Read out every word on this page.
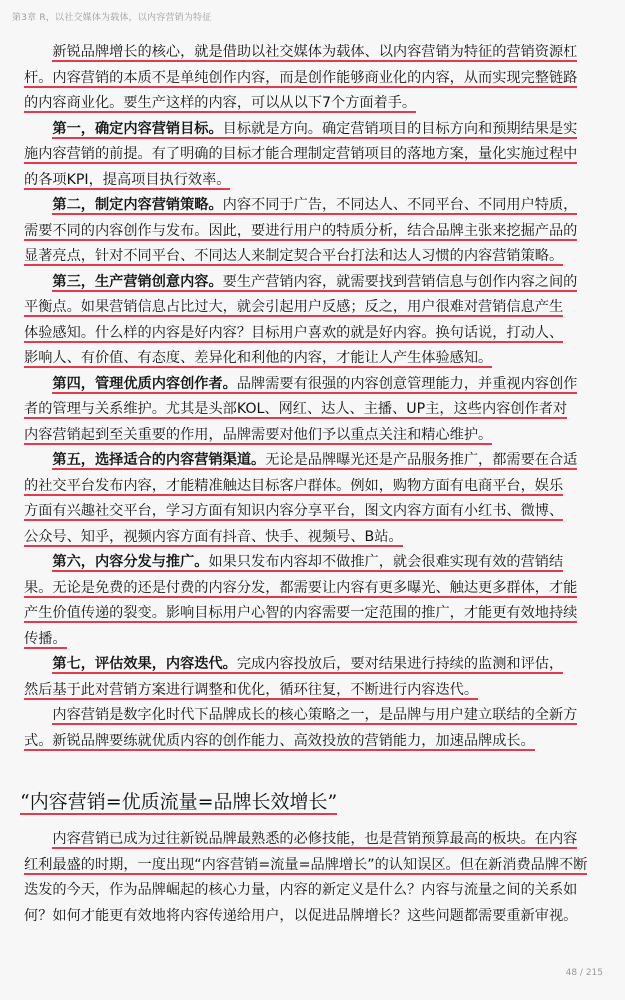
第3章 R，以社交媒体为载体，以内容营销为特征

新锐品牌增长的核心，就是借助以社交媒体为载体、以内容营销为特征的营销资源杠
杆。内容营销的本质不是单纯创作内容，而是创作能够商业化的内容，从而实现完整链路
的内容商业化。要生产这样的内容，可以从以下7个方面着手。

第一，确定内容营销目标。目标就是方向。确定营销项目的目标方向和预期结果是实
施内容营销的前提。有了明确的目标才能合理制定营销项目的落地方案，量化实施过程中
的各项KPI，提高项目执行效率。

第二，制定内容营销策略。内容不同于广告，不同达人、不同平台、不同用户特质，
需要不同的内容创作与发布。因此，要进行用户的特质分析，结合品牌主张来挖掘产品的
显著亮点，针对不同平台、不同达人来制定契合平台打法和达人习惯的内容营销策略。

第三，生产营销创意内容。要生产营销内容，就需要找到营销信息与创作内容之间的
平衡点。如果营销信息占比过大，就会引起用户反感；反之，用户很难对营销信息产生
体验感知。什么样的内容是好内容？目标用户喜欢的就是好内容。换句话说，打动人、
影响人、有价值、有态度、差异化和利他的内容，才能让人产生体验感知。

第四，管理优质内容创作者。品牌需要有很强的内容创意管理能力，并重视内容创作
者的管理与关系维护。尤其是头部KOL、网红、达人、主播、UP主，这些内容创作者对
内容营销起到至关重要的作用，品牌需要对他们予以重点关注和精心维护。

第五，选择适合的内容营销渠道。无论是品牌曝光还是产品服务推广，都需要在合适
的社交平台发布内容，才能精准触达目标客户群体。例如，购物方面有电商平台，娱乐
方面有兴趣社交平台，学习方面有知识内容分享平台，图文内容方面有小红书、微博、
公众号、知乎，视频内容方面有抖音、快手、视频号、B站。

第六，内容分发与推广。如果只发布内容却不做推广，就会很难实现有效的营销结
果。无论是免费的还是付费的内容分发，都需要让内容有更多曝光、触达更多群体，才能
产生价值传递的裂变。影响目标用户心智的内容需要一定范围的推广，才能更有效地持续
传播。

第七，评估效果，内容迭代。完成内容投放后，要对结果进行持续的监测和评估，
然后基于此对营销方案进行调整和优化，循环往复，不断进行内容迭代。

内容营销是数字化时代下品牌成长的核心策略之一，是品牌与用户建立联结的全新方
式。新锐品牌要练就优质内容的创作能力、高效投放的营销能力，加速品牌成长。

“内容营销=优质流量=品牌长效增长”

内容营销已成为过往新锐品牌最熟悉的必修技能，也是营销预算最高的板块。在内容
红利最盛的时期，一度出现“内容营销=流量=品牌增长”的认知误区。但在新消费品牌不断
迭发的今天，作为品牌崛起的核心力量，内容的新定义是什么？内容与流量之间的关系如
何？如何才能更有效地将内容传递给用户，以促进品牌增长？这些问题都需要重新审视。

48 / 215
